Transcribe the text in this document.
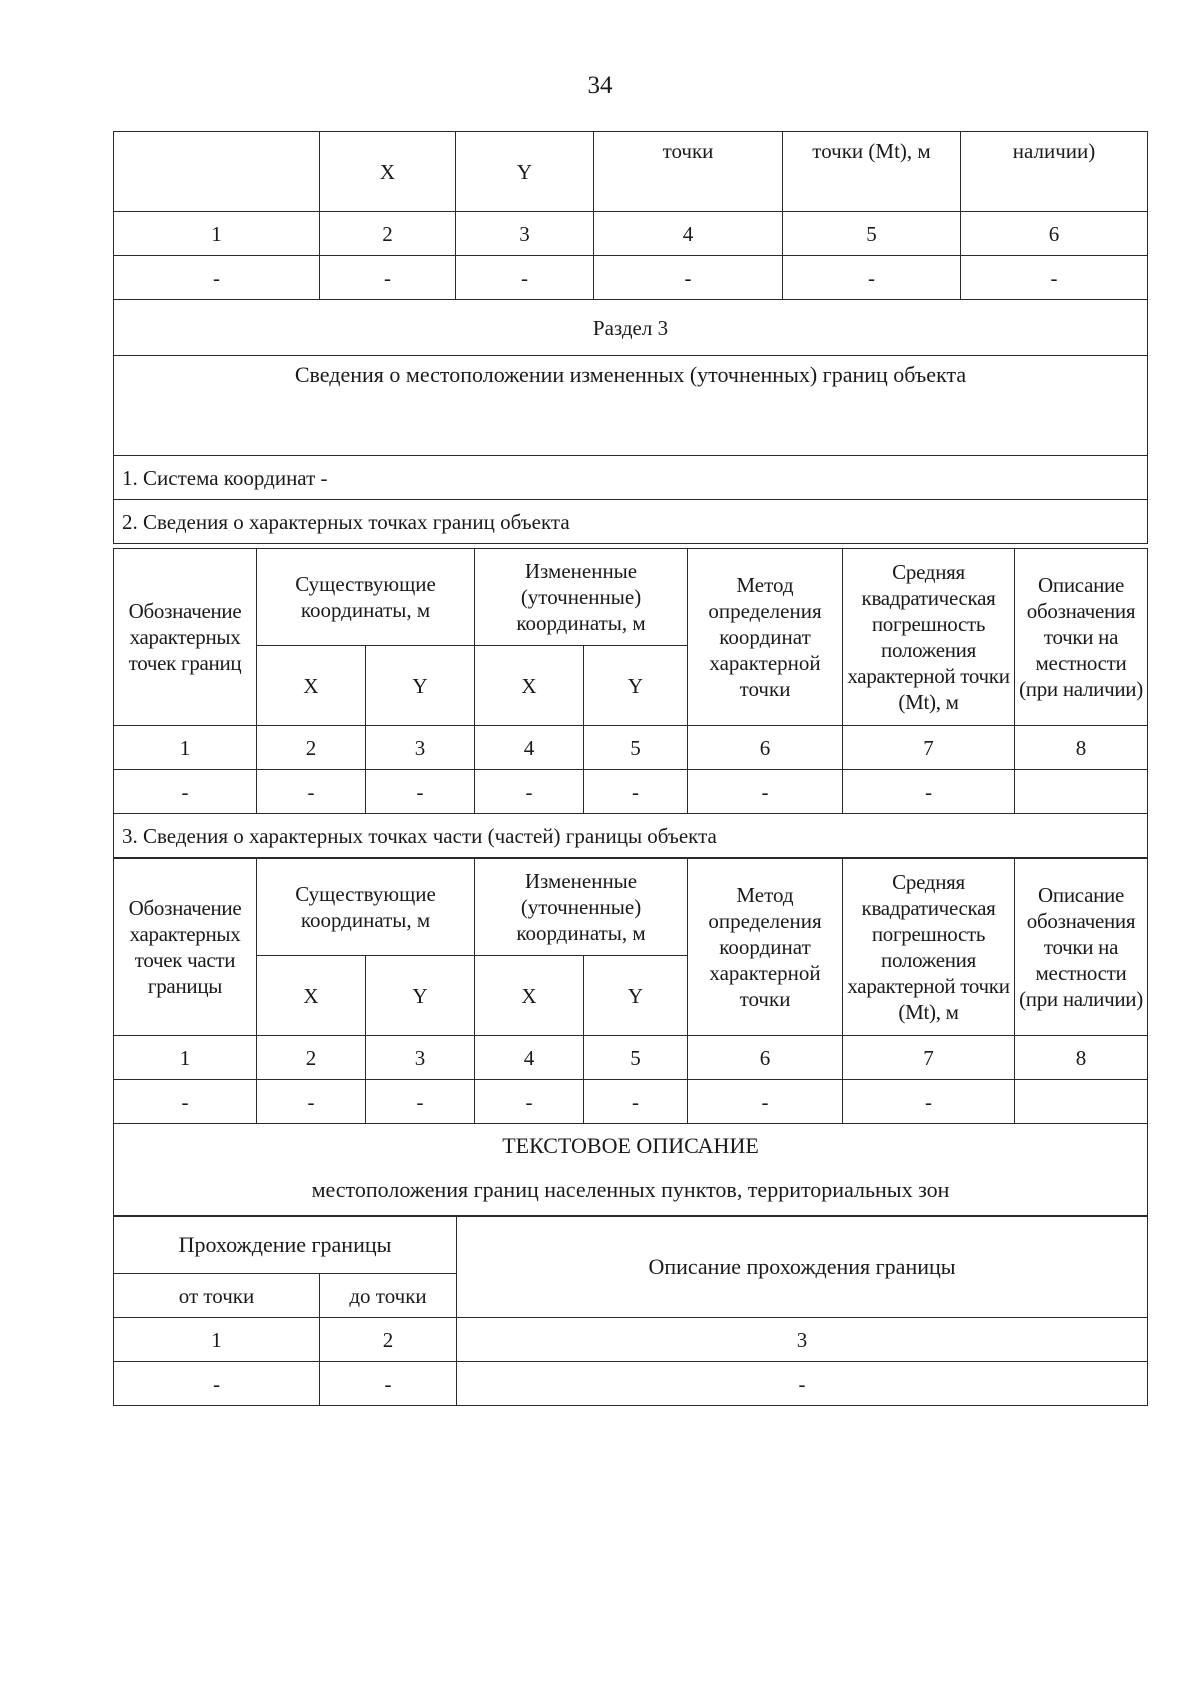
34
	X	Y	точки	точки (Mt), м	наличии)
1	2	3	4	5	6
-	-	-	-	-	-
Раздел 3					
Сведения о местоположении измененных (уточненных) границ объекта					
1. Система координат -					
2. Сведения о характерных точках границ объекта					
Обозначение характерных точек границ	Существующие координаты, м		Измененные (уточненные) координаты, м		Метод определения координат характерной точки	Средняя квадратическая погрешность положения характерной точки (Mt), м	Описание обозначения точки на местности (при наличии)
	X	Y	X	Y			
1	2	3	4	5	6	7	8
-	-	-	-	-	-	-	
3. Сведения о характерных точках части (частей) границы объекта							
Обозначение характерных точек части границы	Существующие координаты, м		Измененные (уточненные) координаты, м		Метод определения координат характерной точки	Средняя квадратическая погрешность положения характерной точки (Mt), м	Описание обозначения точки на местности (при наличии)
	X	Y	X	Y			
1	2	3	4	5	6	7	8
-	-	-	-	-	-	-	

ТЕКСТОВОЕ ОПИСАНИЕ
местоположения границ населенных пунктов, территориальных зон							
Прохождение границы		Описание прохождения границы
от точки	до точки	
1	2	3
-	-	-
